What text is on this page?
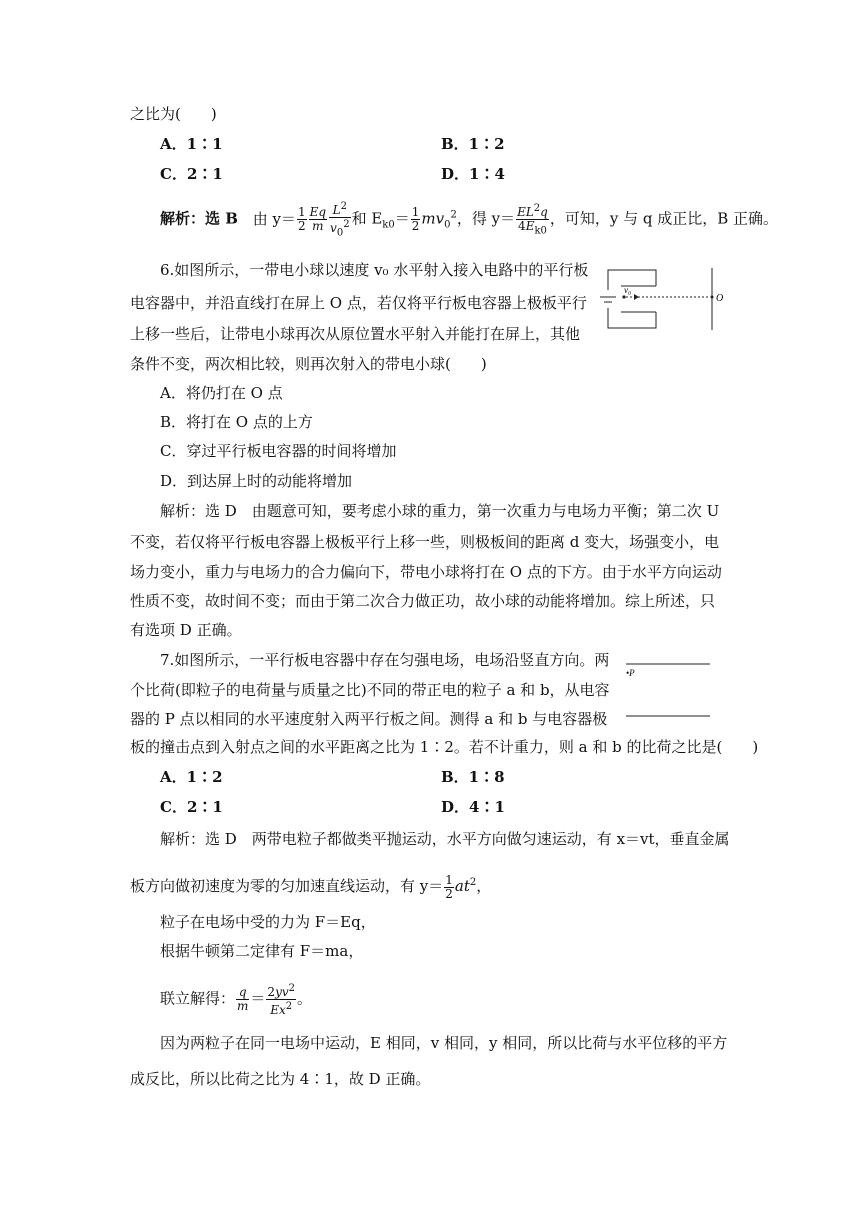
之比为(　　)
A．1∶1	B．1∶2
C．2∶1	D．1∶4
解析：选 B 由 $y= \frac{1}{2} \frac{Eq}{m} \frac{L^2}{v_0^2}$ 和 $E_{k0}= \frac{1}{2} mv_0^2$，得 $y= \frac{EL^2q}{4E_{k0}}$ ，可知，y 与 q 成正比，B 正确。
6.如图所示，一带电小球以速度 v₀ 水平射入接入电路中的平行板
电容器中，并沿直线打在屏上 O 点，若仅将平行板电容器上极板平行
上移一些后，让带电小球再次从原位置水平射入并能打在屏上，其他
条件不变，两次相比较，则再次射入的带电小球(　　)
A．将仍打在 O 点
B．将打在 O 点的上方
C．穿过平行板电容器的时间将增加
D．到达屏上时的动能将增加
解析：选 D　由题意可知，要考虑小球的重力，第一次重力与电场力平衡；第二次 U
不变，若仅将平行板电容器上极板平行上移一些，则极板间的距离 d 变大，场强变小，电
场力变小，重力与电场力的合力偏向下，带电小球将打在 O 点的下方。由于水平方向运动
性质不变，故时间不变；而由于第二次合力做正功，故小球的动能将增加。综上所述，只
有选项 D 正确。
v₀
O
7.如图所示，一平行板电容器中存在匀强电场，电场沿竖直方向。两
个比荷(即粒子的电荷量与质量之比)不同的带正电的粒子 a 和 b，从电容
器的 P 点以相同的水平速度射入两平行板之间。测得 a 和 b 与电容器极
板的撞击点到入射点之间的水平距离之比为 1∶2。若不计重力，则 a 和 b 的比荷之比是(　　)
•P
A．1∶2	B．1∶8
C．2∶1	D．4∶1
解析：选 D　两带电粒子都做类平抛运动，水平方向做匀速运动，有 x＝vt，垂直金属
板方向做初速度为零的匀加速直线运动，有 $y= \frac{1}{2} at^2$，
粒子在电场中受的力为 F＝Eq，
根据牛顿第二定律有 F＝ma，
联立解得： $\frac{q}{m} = \frac{2yv^2}{Ex^2}$ 。
因为两粒子在同一电场中运动，E 相同，v 相同，y 相同，所以比荷与水平位移的平方
成反比，所以比荷之比为 4∶1，故 D 正确。
